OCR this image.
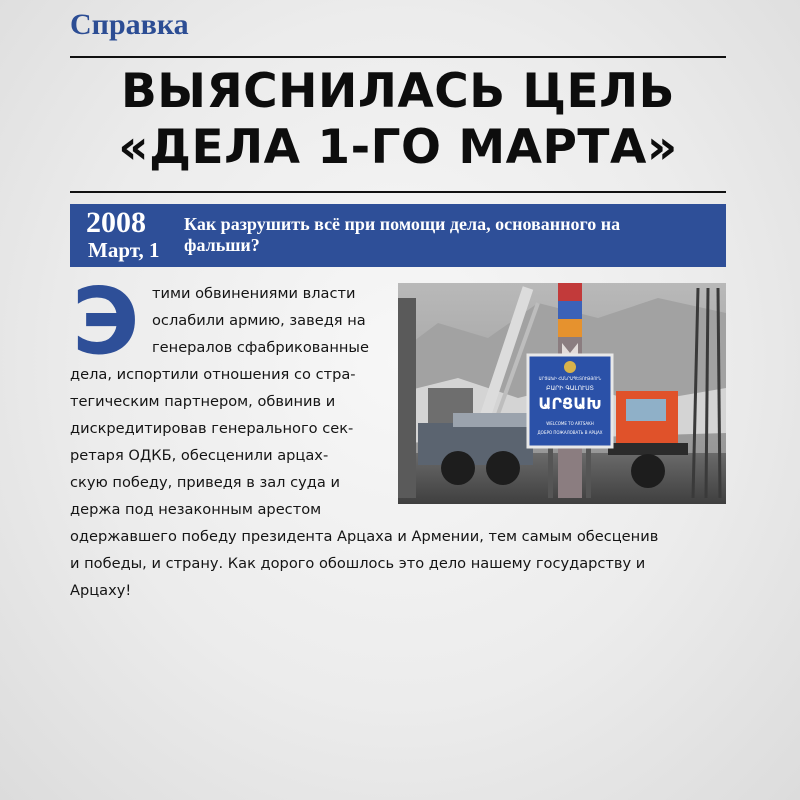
Справка
ВЫЯСНИЛАСЬ ЦЕЛЬ
«ДЕЛА 1-ГО МАРТА»
2008
Март, 1
Как разрушить всё при помощи дела, основанного на
фальши?
Э тими обвинениями власти
ослабили армию, заведя на
генералов сфабрикованные
дела, испортили отношения со стра-
тегическим партнером, обвинив и
дискредитировав генерального сек-
ретаря ОДКБ, обесценили арцах-
скую победу, приведя в зал суда и
держа под незаконным арестом
одержавшего победу президента Арцаха и Армении, тем самым обесценив
и победы, и страну. Как дорого обошлось это дело нашему государству и
Арцаху!
ԱՐՑԱԽԻ ՀԱՆՐԱՊԵՏՈՒԹՅՈՒՆ
ԲԱՐԻ ԳԱԼՈՒՍՏ
ԱՐՑԱԽ
WELCOME TO ARTSAKH
ДОБРО ПОЖАЛОВАТЬ В АРЦАХ
